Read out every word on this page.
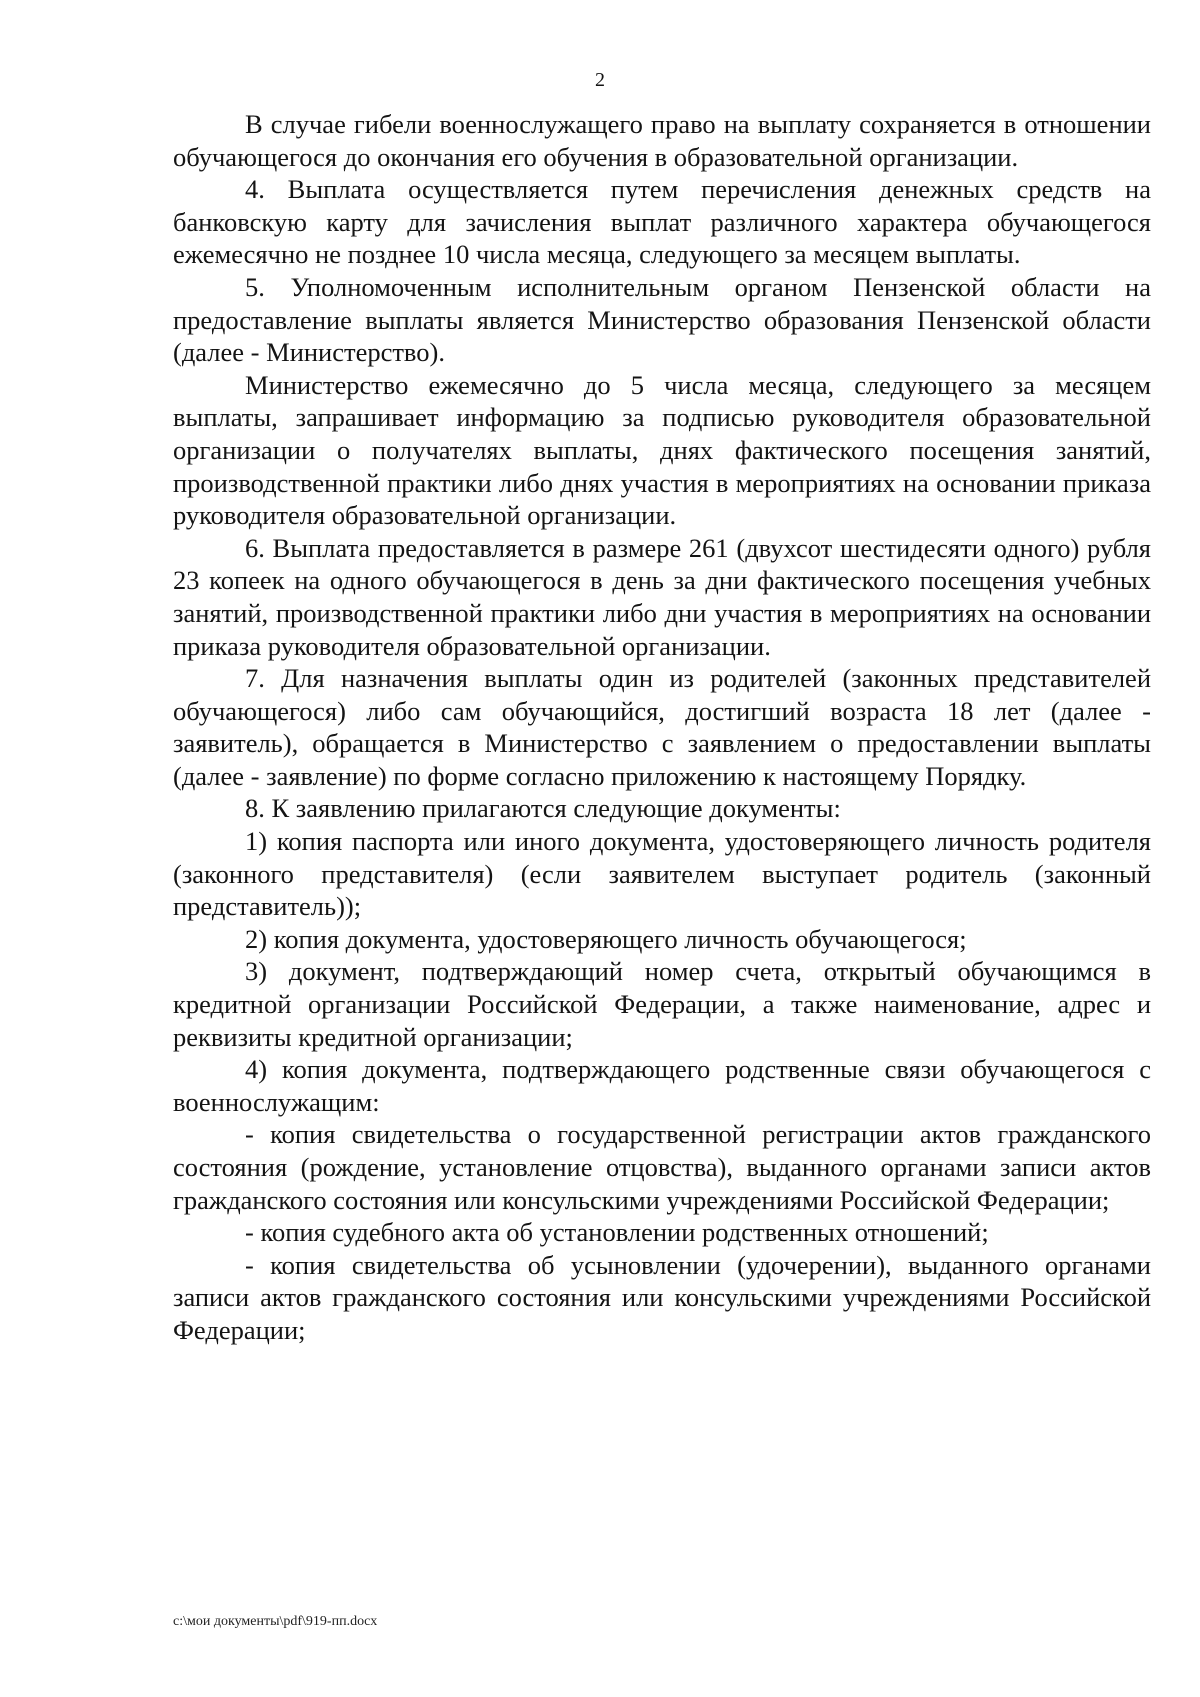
2

В случае гибели военнослужащего право на выплату сохраняется в отношении обучающегося до окончания его обучения в образовательной организации.

4. Выплата осуществляется путем перечисления денежных средств на банковскую карту для зачисления выплат различного характера обучающегося ежемесячно не позднее 10 числа месяца, следующего за месяцем выплаты.

5. Уполномоченным исполнительным органом Пензенской области на предоставление выплаты является Министерство образования Пензенской области (далее - Министерство).

Министерство ежемесячно до 5 числа месяца, следующего за месяцем выплаты, запрашивает информацию за подписью руководителя образовательной организации о получателях выплаты, днях фактического посещения занятий, производственной практики либо днях участия в мероприятиях на основании приказа руководителя образовательной организации.

6. Выплата предоставляется в размере 261 (двухсот шестидесяти одного) рубля 23 копеек на одного обучающегося в день за дни фактического посещения учебных занятий, производственной практики либо дни участия в мероприятиях на основании приказа руководителя образовательной организации.

7. Для назначения выплаты один из родителей (законных представителей обучающегося) либо сам обучающийся, достигший возраста 18 лет (далее - заявитель), обращается в Министерство с заявлением о предоставлении выплаты (далее - заявление) по форме согласно приложению к настоящему Порядку.

8. К заявлению прилагаются следующие документы:

1) копия паспорта или иного документа, удостоверяющего личность родителя (законного представителя) (если заявителем выступает родитель (законный представитель));

2) копия документа, удостоверяющего личность обучающегося;

3) документ, подтверждающий номер счета, открытый обучающимся в кредитной организации Российской Федерации, а также наименование, адрес и реквизиты кредитной организации;

4) копия документа, подтверждающего родственные связи обучающегося с военнослужащим:

- копия свидетельства о государственной регистрации актов гражданского состояния (рождение, установление отцовства), выданного органами записи актов гражданского состояния или консульскими учреждениями Российской Федерации;

- копия судебного акта об установлении родственных отношений;

- копия свидетельства об усыновлении (удочерении), выданного органами записи актов гражданского состояния или консульскими учреждениями Российской Федерации;

c:\мои документы\pdf\919-пп.docx
